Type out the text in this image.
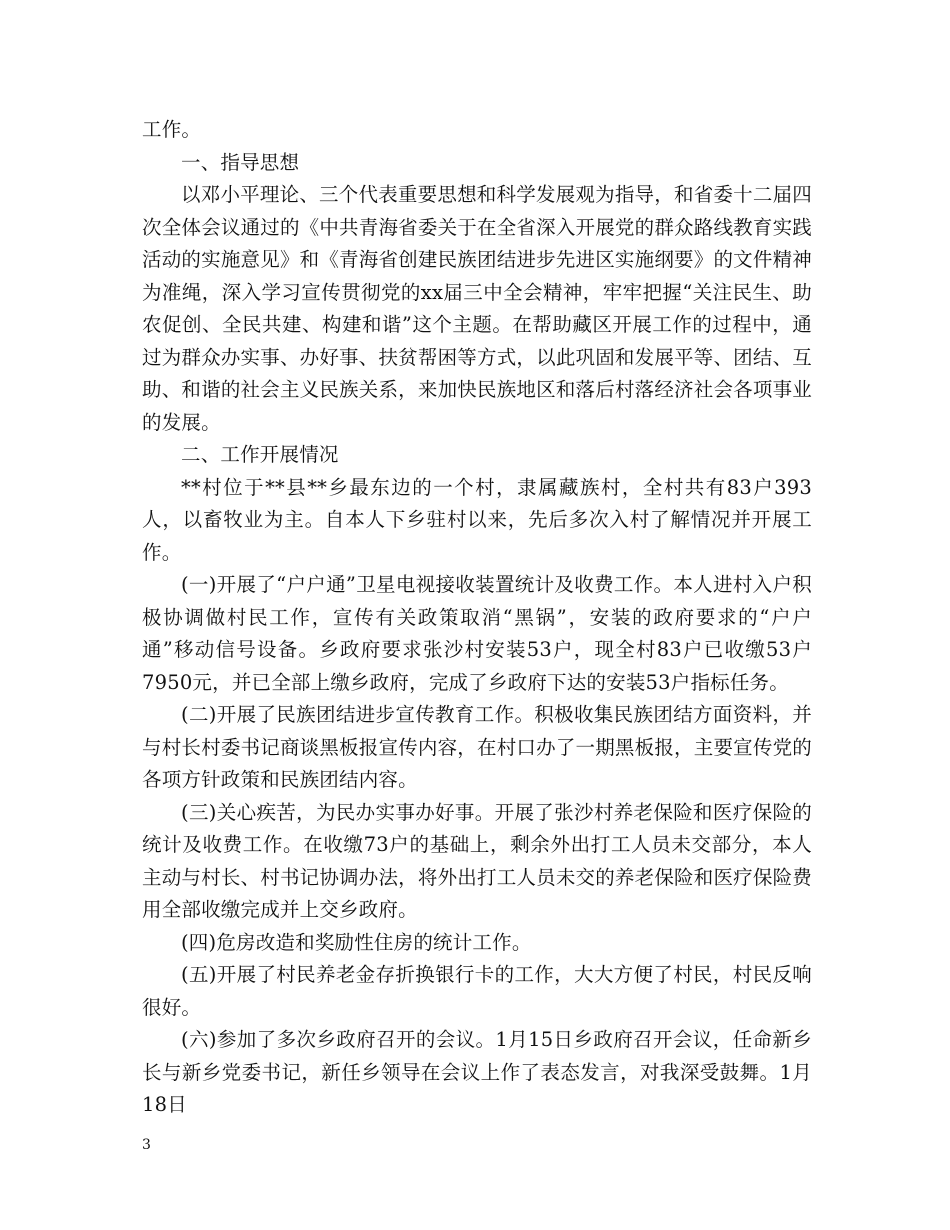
工作。

一、指导思想

以邓小平理论、三个代表重要思想和科学发展观为指导，和省委十二届四次全体会议通过的《中共青海省委关于在全省深入开展党的群众路线教育实践活动的实施意见》和《青海省创建民族团结进步先进区实施纲要》的文件精神为准绳，深入学习宣传贯彻党的xx届三中全会精神，牢牢把握“关注民生、助农促创、全民共建、构建和谐”这个主题。在帮助藏区开展工作的过程中，通过为群众办实事、办好事、扶贫帮困等方式，以此巩固和发展平等、团结、互助、和谐的社会主义民族关系，来加快民族地区和落后村落经济社会各项事业的发展。

二、工作开展情况

**村位于**县**乡最东边的一个村，隶属藏族村，全村共有83户393人，以畜牧业为主。自本人下乡驻村以来，先后多次入村了解情况并开展工作。

(一)开展了“户户通”卫星电视接收装置统计及收费工作。本人进村入户积极协调做村民工作，宣传有关政策取消“黑锅”，安装的政府要求的“户户通”移动信号设备。乡政府要求张沙村安装53户，现全村83户已收缴53户7950元，并已全部上缴乡政府，完成了乡政府下达的安装53户指标任务。

(二)开展了民族团结进步宣传教育工作。积极收集民族团结方面资料，并与村长村委书记商谈黑板报宣传内容，在村口办了一期黑板报，主要宣传党的各项方针政策和民族团结内容。

(三)关心疾苦，为民办实事办好事。开展了张沙村养老保险和医疗保险的统计及收费工作。在收缴73户的基础上，剩余外出打工人员未交部分，本人主动与村长、村书记协调办法，将外出打工人员未交的养老保险和医疗保险费用全部收缴完成并上交乡政府。

(四)危房改造和奖励性住房的统计工作。

(五)开展了村民养老金存折换银行卡的工作，大大方便了村民，村民反响很好。

(六)参加了多次乡政府召开的会议。1月15日乡政府召开会议，任命新乡长与新乡党委书记，新任乡领导在会议上作了表态发言，对我深受鼓舞。1月18日

3
